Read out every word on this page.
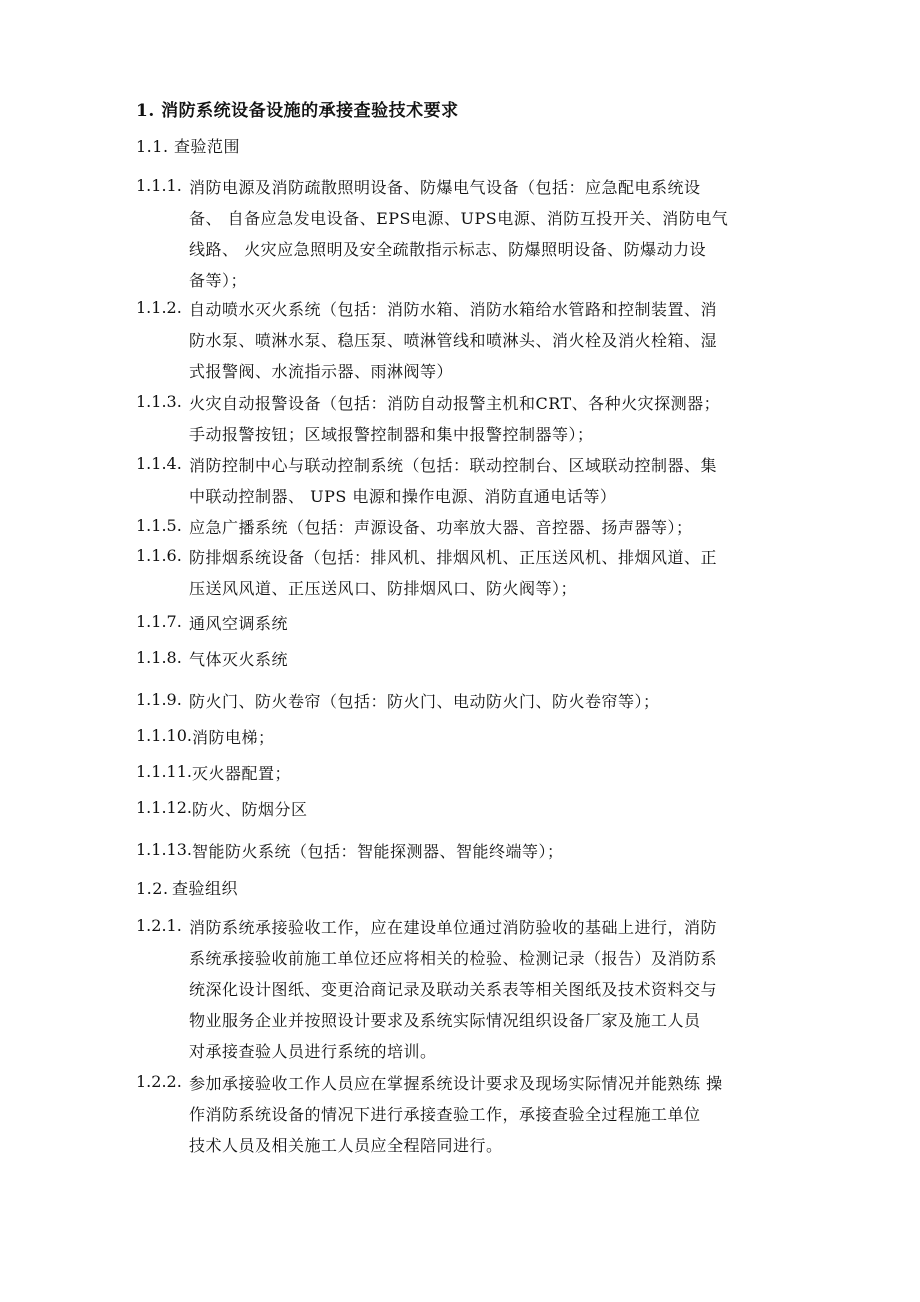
1. 消防系统设备设施的承接查验技术要求
1.1. 查验范围
1.1.1. 消防电源及消防疏散照明设备、防爆电气设备（包括：应急配电系统设
备、 自备应急发电设备、EPS电源、UPS电源、消防互投开关、消防电气
线路、 火灾应急照明及安全疏散指示标志、防爆照明设备、防爆动力设
备等）；
1.1.2. 自动喷水灭火系统（包括：消防水箱、消防水箱给水管路和控制装置、消
防水泵、喷淋水泵、稳压泵、喷淋管线和喷淋头、消火栓及消火栓箱、湿
式报警阀、水流指示器、雨淋阀等）
1.1.3. 火灾自动报警设备（包括：消防自动报警主机和CRT、各种火灾探测器；
手动报警按钮；区域报警控制器和集中报警控制器等）；
1.1.4. 消防控制中心与联动控制系统（包括：联动控制台、区域联动控制器、集
中联动控制器、 UPS 电源和操作电源、消防直通电话等）
1.1.5. 应急广播系统（包括：声源设备、功率放大器、音控器、扬声器等）；
1.1.6. 防排烟系统设备（包括：排风机、排烟风机、正压送风机、排烟风道、正
压送风风道、正压送风口、防排烟风口、防火阀等）；
1.1.7. 通风空调系统
1.1.8. 气体灭火系统
1.1.9. 防火门、防火卷帘（包括：防火门、电动防火门、防火卷帘等）；
1.1.10. 消防电梯；
1.1.11. 灭火器配置；
1.1.12. 防火、防烟分区
1.1.13. 智能防火系统（包括：智能探测器、智能终端等）；
1.2. 查验组织
1.2.1. 消防系统承接验收工作，应在建设单位通过消防验收的基础上进行，消防
系统承接验收前施工单位还应将相关的检验、检测记录（报告）及消防系
统深化设计图纸、变更洽商记录及联动关系表等相关图纸及技术资料交与
物业服务企业并按照设计要求及系统实际情况组织设备厂家及施工人员
对承接查验人员进行系统的培训。
1.2.2. 参加承接验收工作人员应在掌握系统设计要求及现场实际情况并能熟练 操
作消防系统设备的情况下进行承接查验工作，承接查验全过程施工单位
技术人员及相关施工人员应全程陪同进行。
